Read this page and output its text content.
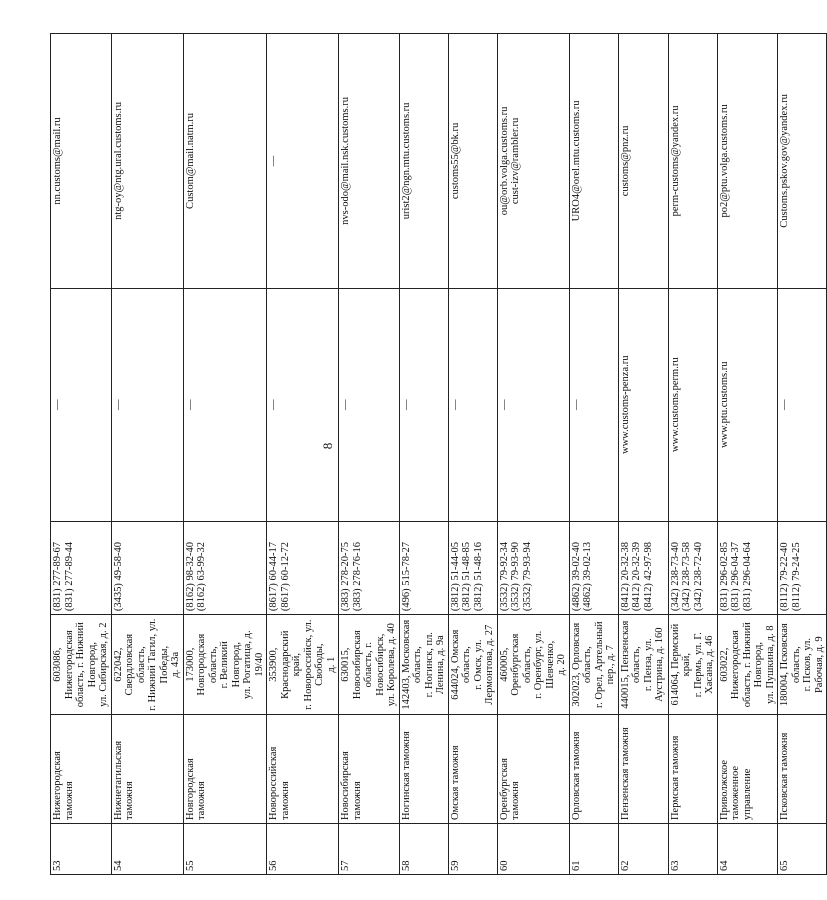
8
53	Нижегородская таможня	603086, Нижегородская область, г. Нижний Новгород, ул. Сибирская, д. 2	(831) 277-89-67 (831) 277-89-44	—	nn.customs@mail.ru

54	Нижнетагильская таможня	622042, Свердловская область, г. Нижний Тагил, ул. Победы, д. 43а	(3435) 49-58-40	—	ntg-oy@ntg.ural.customs.ru

55	Новгородская таможня	173000, Новгородская область, г. Великий Новгород, ул. Рогатица, д. 19/40	(8162) 98-32-40 (8162) 63-99-32	—	Custom@mail.natm.ru

56	Новороссийская таможня	353900, Краснодарский край, г. Новороссийск, ул. Свободы, д. 1	(8617) 60-44-17 (8617) 60-12-72	—	—

57	Новосибирская таможня	630015, Новосибирская область, г. Новосибирск, ул. Королева, д. 40	(383) 278-20-75 (383) 278-76-16	—	nvs-odo@mail.nsk.customs.ru

58	Ногинская таможня	142403, Московская область, г. Ногинск, пл. Ленина, д. 9а	(496) 515-78-27	—	urist2@ngn.mtu.customs.ru

59	Омская таможня	644024, Омская область, г. Омск, ул. Лермонтова, д. 27	(3812) 51-44-05 (3812) 51-48-85 (3812) 51-48-16	—	customs55@bk.ru

60	Оренбургская таможня	460005, Оренбургская область, г. Оренбург, ул. Шевченко, д. 20	(3532) 79-92-34 (3532) 79-93-90 (3532) 79-93-94	—	ou@orb.volga.customs.ru cust-izv@rambler.ru

61	Орловская таможня	302023, Орловская область, г. Орел, Артельный пер., д. 7	(4862) 39-02-40 (4862) 39-02-13	—	URO4@orel.mtu.customs.ru

62	Пензенская таможня	440015, Пензенская область, г. Пенза, ул. Аустрина, д. 160	(8412) 20-32-38 (8412) 20-32-39 (8412) 42-97-98	www.customs-penza.ru	customs@pnz.ru

63	Пермская таможня	614064, Пермский край, г. Пермь, ул. Г. Хасана, д. 46	(342) 238-73-40 (342) 238-73-58 (342) 238-72-40	www.customs.perm.ru	perm-customs@yandex.ru

64	Приволжское таможенное управление	603022, Нижегородская область, г. Нижний Новгород, ул. Пушкина, д. 8	(831) 296-02-85 (831) 296-04-37 (831) 296-04-64	www.ptu.customs.ru	po2@ptu.volga.customs.ru

65	Псковская таможня	180004, Псковская область, г. Псков, ул. Рабочая, д. 9	(8112) 79-22-40 (8112) 79-24-25	—	Customs.pskov.gov@yandex.ru
